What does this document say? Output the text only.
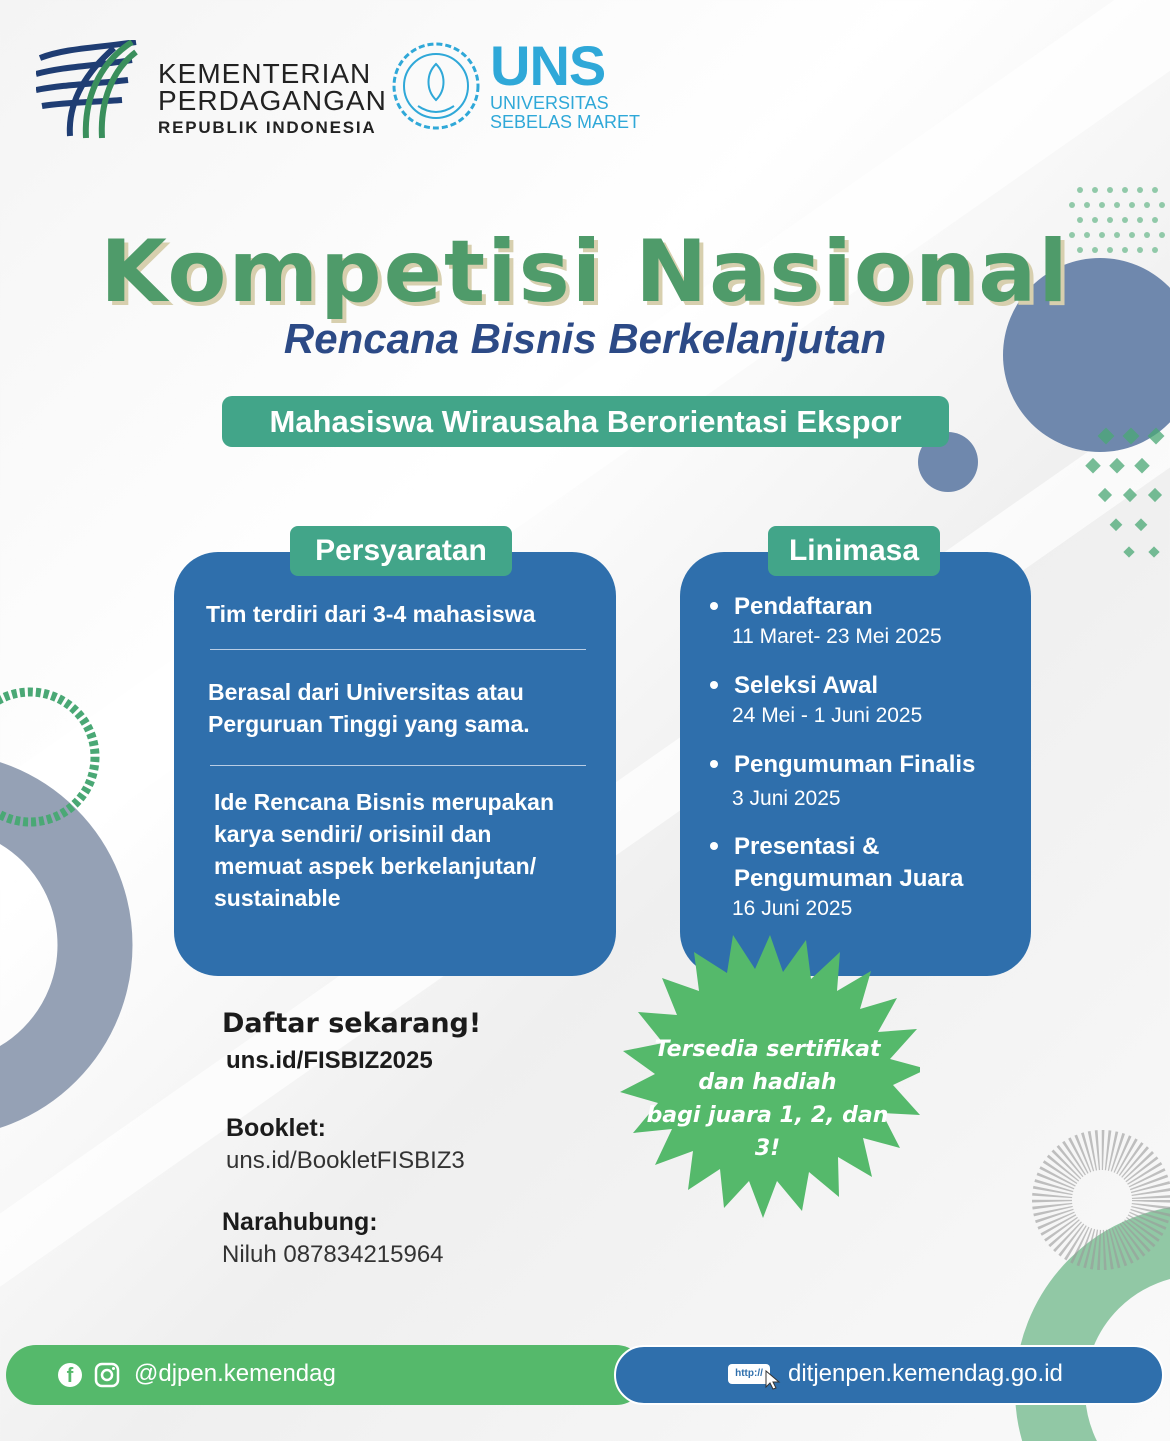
KEMENTERIAN
PERDAGANGAN
REPUBLIK INDONESIA
UNS
UNIVERSITAS
SEBELAS MARET
Kompetisi Nasional
Rencana Bisnis Berkelanjutan
Mahasiswa Wirausaha Berorientasi Ekspor
Tim terdiri dari 3-4 mahasiswa
Berasal dari Universitas atau Perguruan Tinggi yang sama.
Ide Rencana Bisnis merupakan karya sendiri/ orisinil dan memuat aspek berkelanjutan/ sustainable
Persyaratan
Pendaftaran
11 Maret- 23 Mei 2025
Seleksi Awal
24 Mei - 1 Juni 2025
Pengumuman Finalis
3 Juni 2025
Presentasi & Pengumuman Juara
16 Juni 2025
Linimasa
Daftar sekarang!
uns.id/FISBIZ2025
Booklet:
uns.id/BookletFISBIZ3
Narahubung:
Niluh 087834215964
Tersedia sertifikat
dan hadiah
bagi juara 1, 2, dan 3!
f	@djpen.kemendag	http:// ditjenpen.kemendag.go.id
